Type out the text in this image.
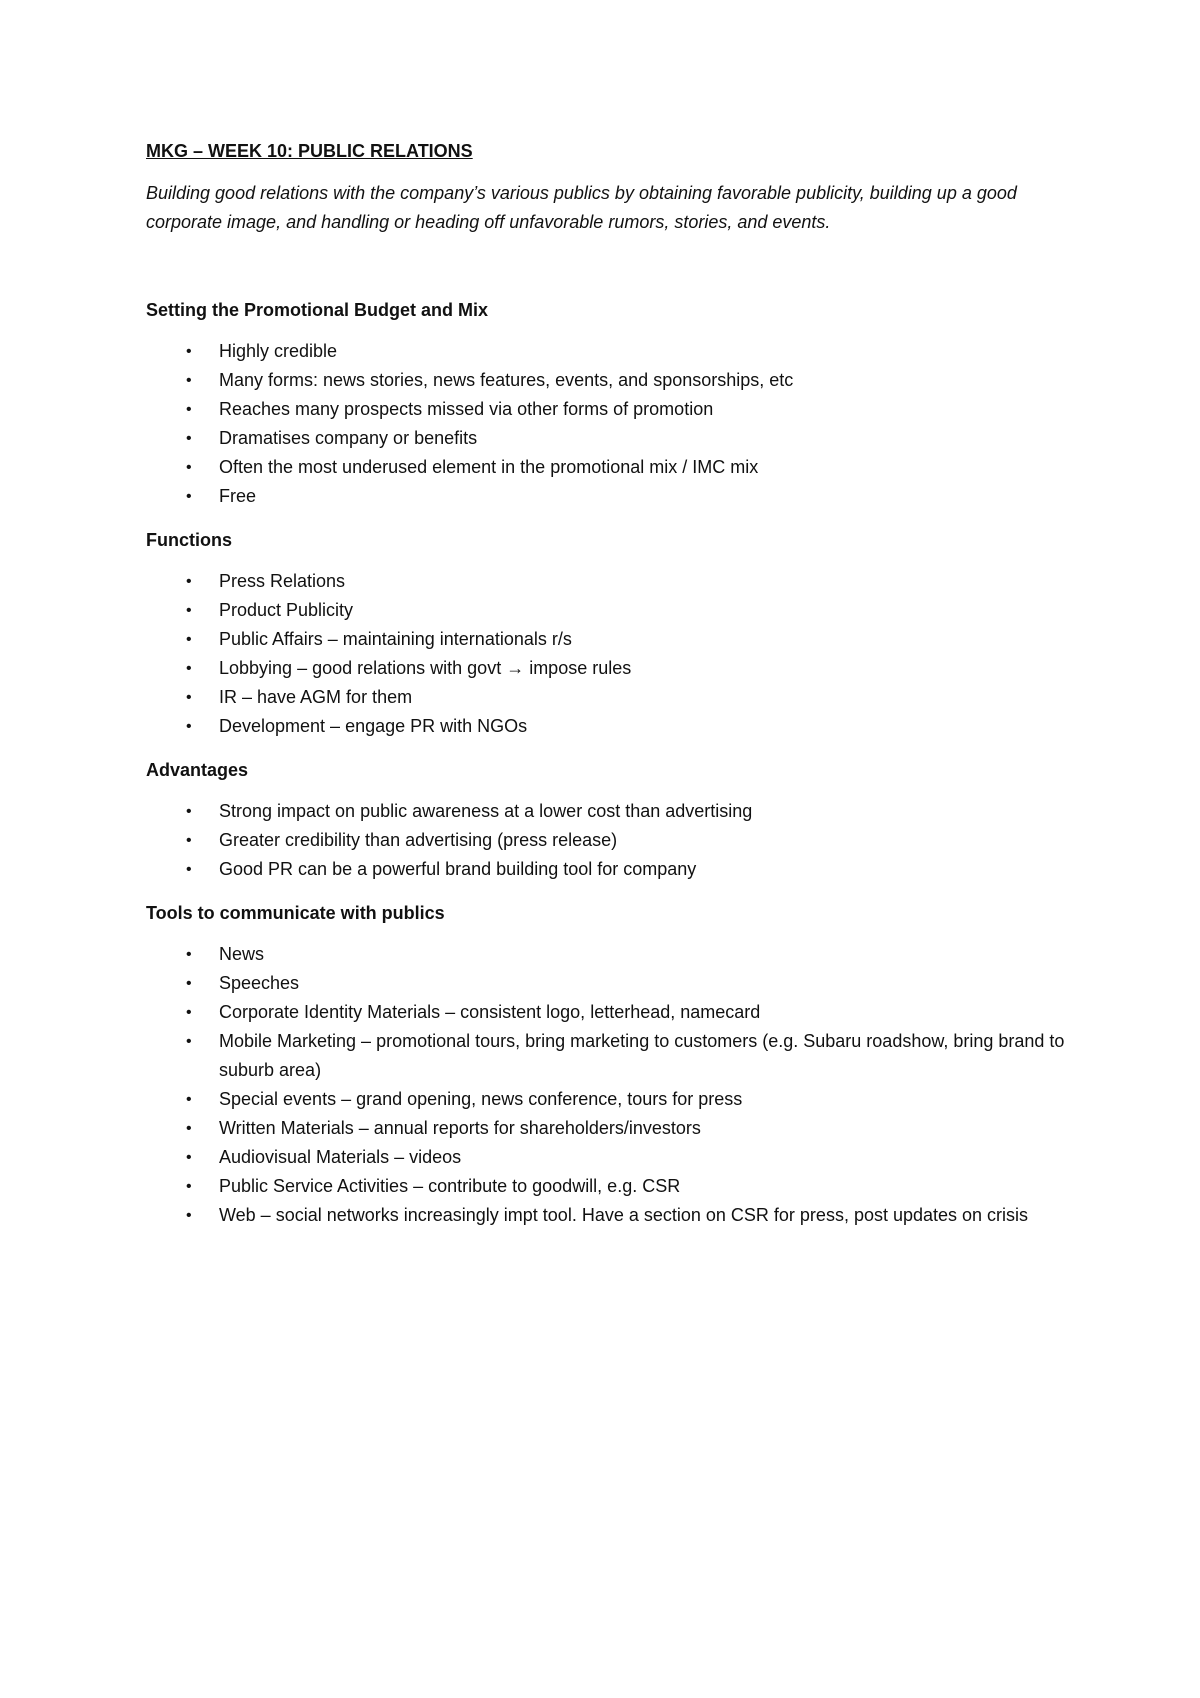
MKG – WEEK 10: PUBLIC RELATIONS
Building good relations with the company’s various publics by obtaining favorable publicity, building up a good corporate image, and handling or heading off unfavorable rumors, stories, and events.
Setting the Promotional Budget and Mix
• Highly credible
• Many forms: news stories, news features, events, and sponsorships, etc
• Reaches many prospects missed via other forms of promotion
• Dramatises company or benefits
• Often the most underused element in the promotional mix / IMC mix
• Free
Functions
• Press Relations
• Product Publicity
• Public Affairs – maintaining internationals r/s
• Lobbying – good relations with govt → impose rules
• IR – have AGM for them
• Development – engage PR with NGOs
Advantages
• Strong impact on public awareness at a lower cost than advertising
• Greater credibility than advertising (press release)
• Good PR can be a powerful brand building tool for company
Tools to communicate with publics
• News
• Speeches
• Corporate Identity Materials – consistent logo, letterhead, namecard
• Mobile Marketing – promotional tours, bring marketing to customers (e.g. Subaru roadshow, bring brand to suburb area)
• Special events – grand opening, news conference, tours for press
• Written Materials – annual reports for shareholders/investors
• Audiovisual Materials – videos
• Public Service Activities – contribute to goodwill, e.g. CSR
• Web – social networks increasingly impt tool. Have a section on CSR for press, post updates on crisis
